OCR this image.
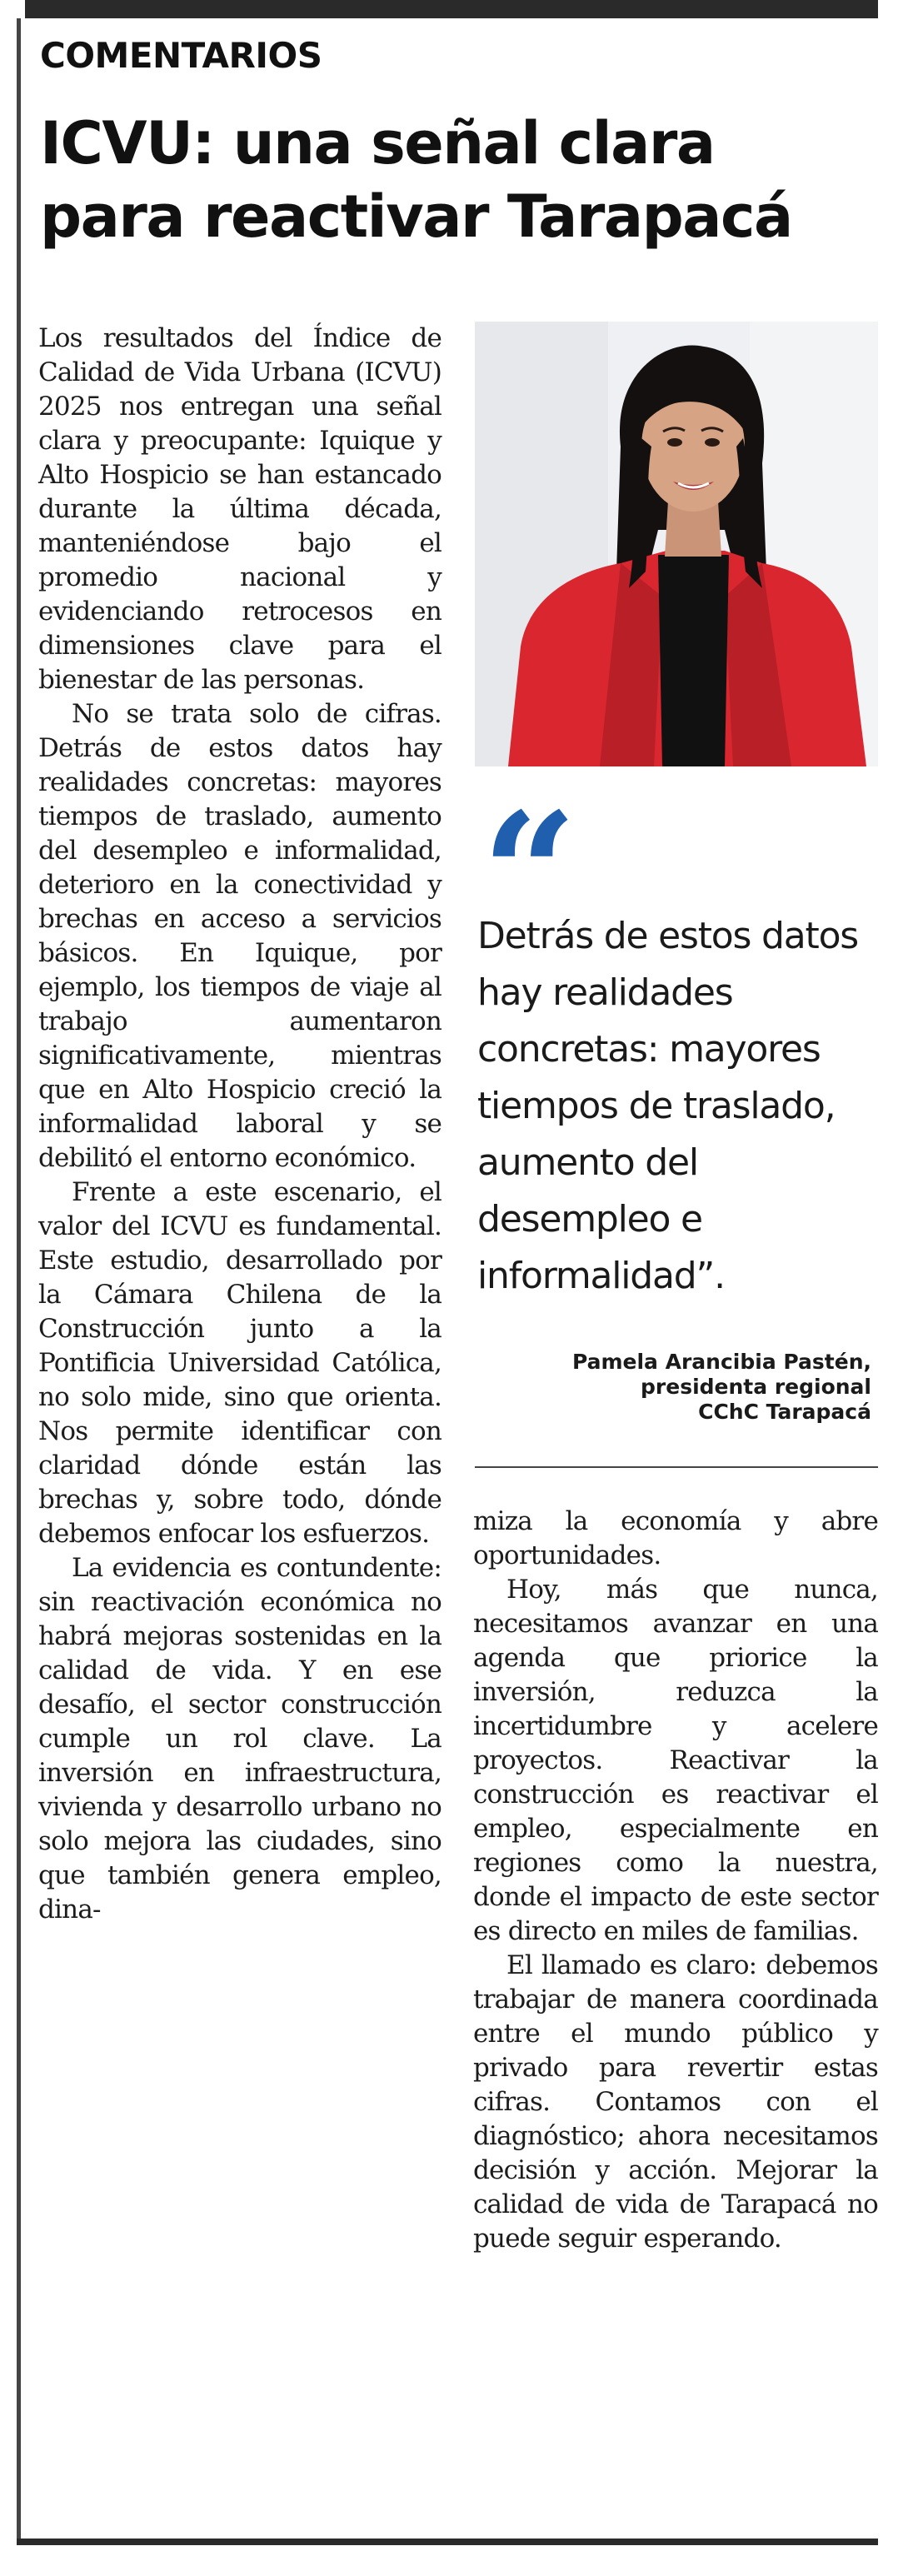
COMENTARIOS
ICVU: una señal clara para reactivar Tarapacá

Los resultados del Índice de Calidad de Vida Urbana (ICVU) 2025 nos entregan una señal clara y preocupante: Iquique y Alto Hospicio se han estancado durante la última década, manteniéndose bajo el promedio nacional y evidenciando retrocesos en dimensiones clave para el bienestar de las personas.

No se trata solo de cifras. Detrás de estos datos hay realidades concretas: mayores tiempos de traslado, aumento del desempleo e informalidad, deterioro en la conectividad y brechas en acceso a servicios básicos. En Iquique, por ejemplo, los tiempos de viaje al trabajo aumentaron significativamente, mientras que en Alto Hospicio creció la informalidad laboral y se debilitó el entorno económico.

Frente a este escenario, el valor del ICVU es fundamental. Este estudio, desarrollado por la Cámara Chilena de la Construcción junto a la Pontificia Universidad Católica, no solo mide, sino que orienta. Nos permite identificar con claridad dónde están las brechas y, sobre todo, dónde debemos enfocar los esfuerzos.

La evidencia es contundente: sin reactivación económica no habrá mejoras sostenidas en la calidad de vida. Y en ese desafío, el sector construcción cumple un rol clave. La inversión en infraestructura, vivienda y desarrollo urbano no solo mejora las ciudades, sino que también genera empleo, dina-

“

Detrás de estos datos hay realidades concretas: mayores tiempos de traslado, aumento del desempleo e informalidad”.

Pamela Arancibia Pastén,
presidenta regional
CChC Tarapacá

miza la economía y abre oportunidades.

Hoy, más que nunca, necesitamos avanzar en una agenda que priorice la inversión, reduzca la incertidumbre y acelere proyectos. Reactivar la construcción es reactivar el empleo, especialmente en regiones como la nuestra, donde el impacto de este sector es directo en miles de familias.

El llamado es claro: debemos trabajar de manera coordinada entre el mundo público y privado para revertir estas cifras. Contamos con el diagnóstico; ahora necesitamos decisión y acción. Mejorar la calidad de vida de Tarapacá no puede seguir esperando.
